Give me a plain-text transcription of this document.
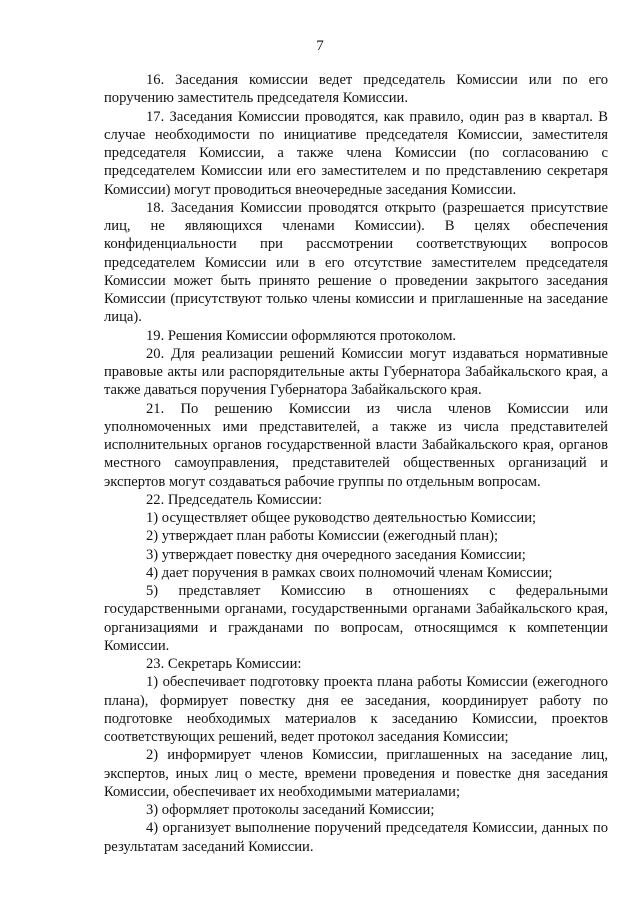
7

16. Заседания комиссии ведет председатель Комиссии или по его поручению заместитель председателя Комиссии.

17. Заседания Комиссии проводятся, как правило, один раз в квартал. В случае необходимости по инициативе председателя Комиссии, заместителя председателя Комиссии, а также члена Комиссии (по согласованию с председателем Комиссии или его заместителем и по представлению секретаря Комиссии) могут проводиться внеочередные заседания Комиссии.

18. Заседания Комиссии проводятся открыто (разрешается присутствие лиц, не являющихся членами Комиссии). В целях обеспечения конфиденциальности при рассмотрении соответствующих вопросов председателем Комиссии или в его отсутствие заместителем председателя Комиссии может быть принято решение о проведении закрытого заседания Комиссии (присутствуют только члены комиссии и приглашенные на заседание лица).

19. Решения Комиссии оформляются протоколом.

20. Для реализации решений Комиссии могут издаваться нормативные правовые акты или распорядительные акты Губернатора Забайкальского края, а также даваться поручения Губернатора Забайкальского края.

21. По решению Комиссии из числа членов Комиссии или уполномоченных ими представителей, а также из числа представителей исполнительных органов государственной власти Забайкальского края, органов местного самоуправления, представителей общественных организаций и экспертов могут создаваться рабочие группы по отдельным вопросам.

22. Председатель Комиссии:

1) осуществляет общее руководство деятельностью Комиссии;

2) утверждает план работы Комиссии (ежегодный план);

3) утверждает повестку дня очередного заседания Комиссии;

4) дает поручения в рамках своих полномочий членам Комиссии;

5) представляет Комиссию в отношениях с федеральными государственными органами, государственными органами Забайкальского края, организациями и гражданами по вопросам, относящимся к компетенции Комиссии.

23. Секретарь Комиссии:

1) обеспечивает подготовку проекта плана работы Комиссии (ежегодного плана), формирует повестку дня ее заседания, координирует работу по подготовке необходимых материалов к заседанию Комиссии, проектов соответствующих решений, ведет протокол заседания Комиссии;

2) информирует членов Комиссии, приглашенных на заседание лиц, экспертов, иных лиц о месте, времени проведения и повестке дня заседания Комиссии, обеспечивает их необходимыми материалами;

3) оформляет протоколы заседаний Комиссии;

4) организует выполнение поручений председателя Комиссии, данных по результатам заседаний Комиссии.
